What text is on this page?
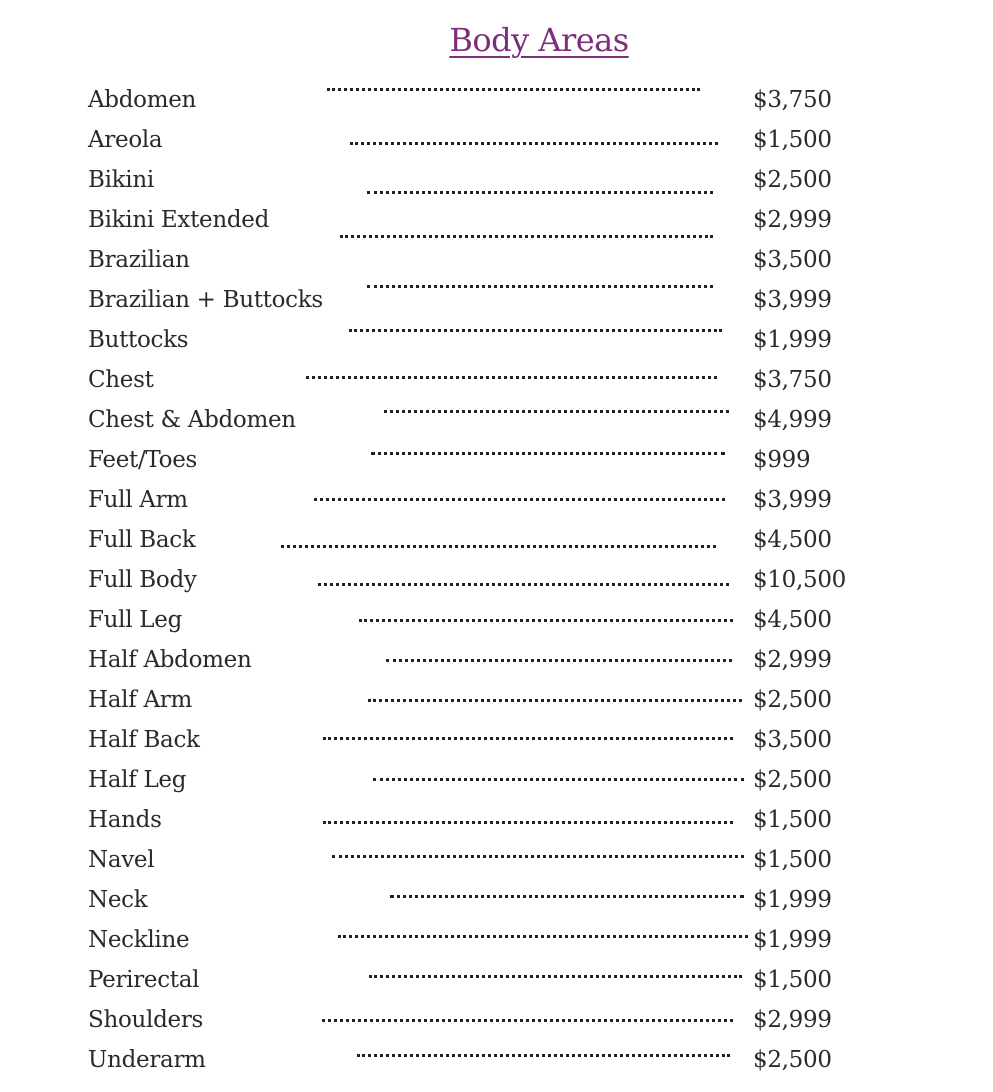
Body Areas
Abdomen	$3,750
Areola	$1,500
Bikini	$2,500
Bikini Extended	$2,999
Brazilian	$3,500
Brazilian + Buttocks	$3,999
Buttocks	$1,999
Chest	$3,750
Chest & Abdomen	$4,999
Feet/Toes	$999
Full Arm	$3,999
Full Back	$4,500
Full Body	$10,500
Full Leg	$4,500
Half Abdomen	$2,999
Half Arm	$2,500
Half Back	$3,500
Half Leg	$2,500
Hands	$1,500
Navel	$1,500
Neck	$1,999
Neckline	$1,999
Perirectal	$1,500
Shoulders	$2,999
Underarm	$2,500
